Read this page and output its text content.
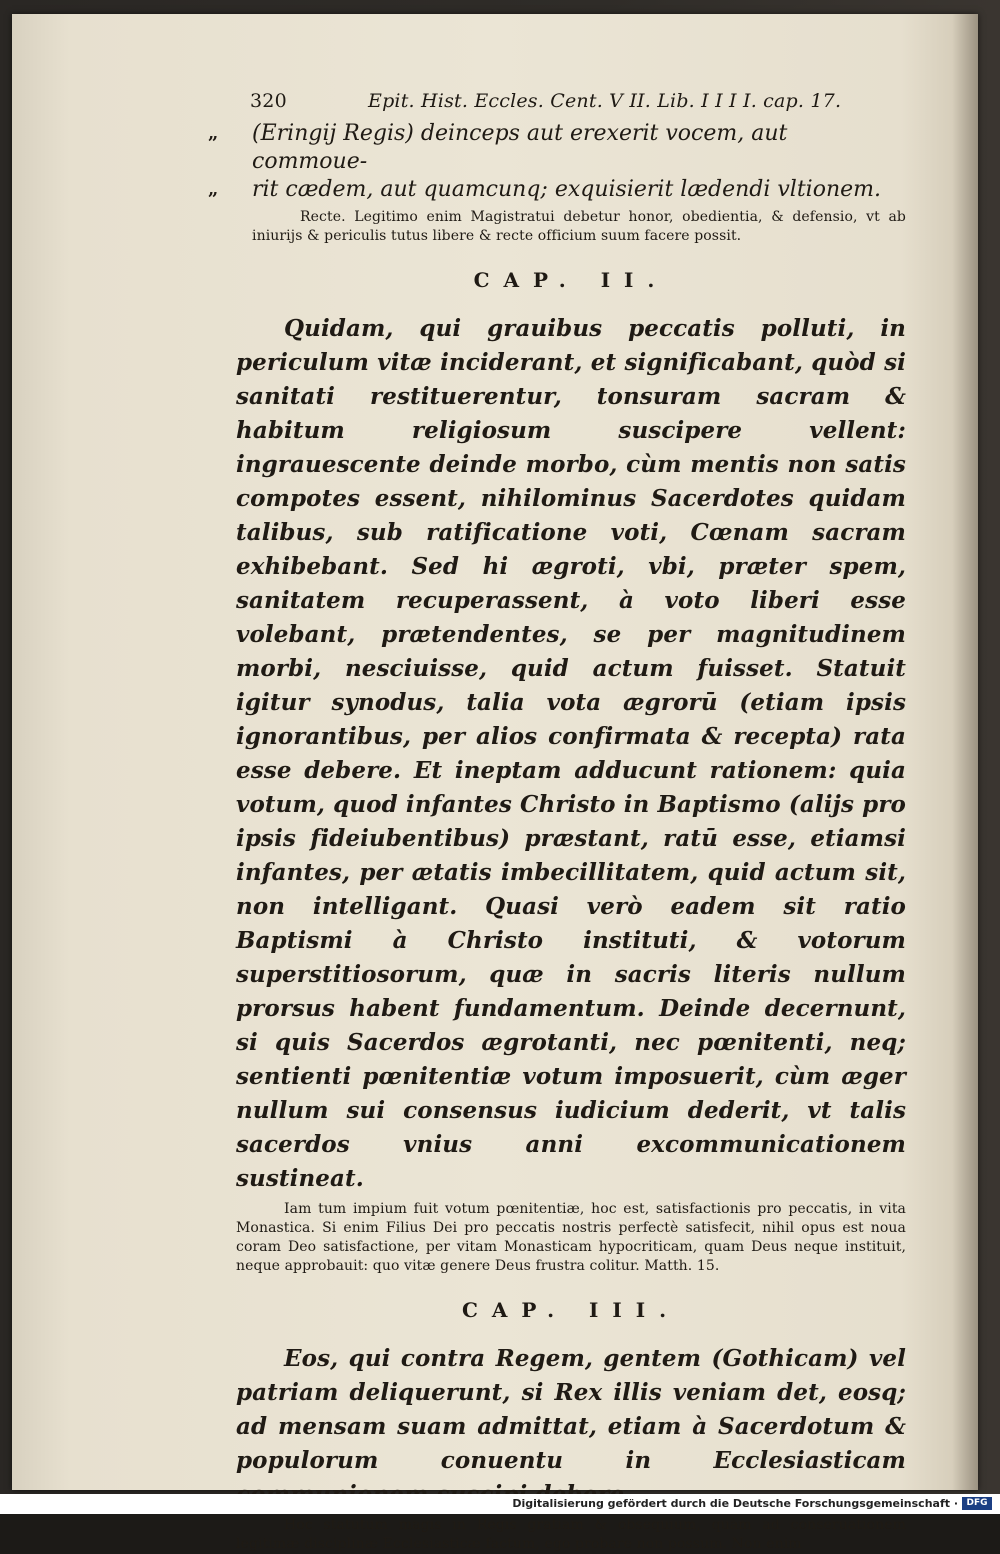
320	Epit. Hist. Eccles. Cent. V II. Lib. I I I I. cap. 17.
„ (Eringij Regis) deinceps aut erexerit vocem, aut commoue-
„ rit cædem, aut quamcunq; exquisierit lædendi vltionem.
Recte. Legitimo enim Magistratui debetur honor, obedientia, & defensio, vt ab iniurijs & periculis tutus libere & recte officium suum facere possit.
CAP. II.
Quidam, qui grauibus peccatis polluti, in periculum vitæ inciderant, et significabant, quòd si sanitati restituerentur, tonsuram sacram & habitum religiosum suscipere vellent: ingrauescente deinde morbo, cùm mentis non satis compotes essent, nihilominus Sacerdotes quidam talibus, sub ratificatione voti, Cœnam sacram exhibebant. Sed hi ægroti, vbi, præter spem, sanitatem recuperassent, à voto liberi esse volebant, prætendentes, se per magnitudinem morbi, nesciuisse, quid actum fuisset. Statuit igitur synodus, talia vota ægrorū (etiam ipsis ignorantibus, per alios confirmata & recepta) rata esse debere. Et ineptam adducunt rationem: quia votum, quod infantes Christo in Baptismo (alijs pro ipsis fideiubentibus) præstant, ratū esse, etiamsi infantes, per ætatis imbecillitatem, quid actum sit, non intelligant. Quasi verò eadem sit ratio Baptismi à Christo instituti, & votorum superstitiosorum, quæ in sacris literis nullum prorsus habent fundamentum. Deinde decernunt, si quis Sacerdos ægrotanti, nec pœnitenti, neq; sentienti pœnitentiæ votum imposuerit, cùm æger nullum sui consensus iudicium dederit, vt talis sacerdos vnius anni excommunicationem sustineat.
Iam tum impium fuit votum pœnitentiæ, hoc est, satisfactionis pro peccatis, in vita Monastica. Si enim Filius Dei pro peccatis nostris perfectè satisfecit, nihil opus est noua coram Deo satisfactione, per vitam Monasticam hypocriticam, quam Deus neque instituit, neque approbauit: quo vitæ genere Deus frustra colitur. Matth. 15.
CAP. III.
Eos, qui contra Regem, gentem (Gothicam) vel patriam deliquerunt, si Rex illis veniam det, eosq; ad mensam suam admittat, etiam à Sacerdotum & populorum conuentu in Ecclesiasticam
Hoc statutum magis in Regis gratiam & obsequium, quàm ad conseruationem legitimæ disciplinæ Ecclesiasticæ factum, ego probare non possum. Non enim
Digitalisierung gefördert durch die Deutsche Forschungsgemeinschaft · DFG
